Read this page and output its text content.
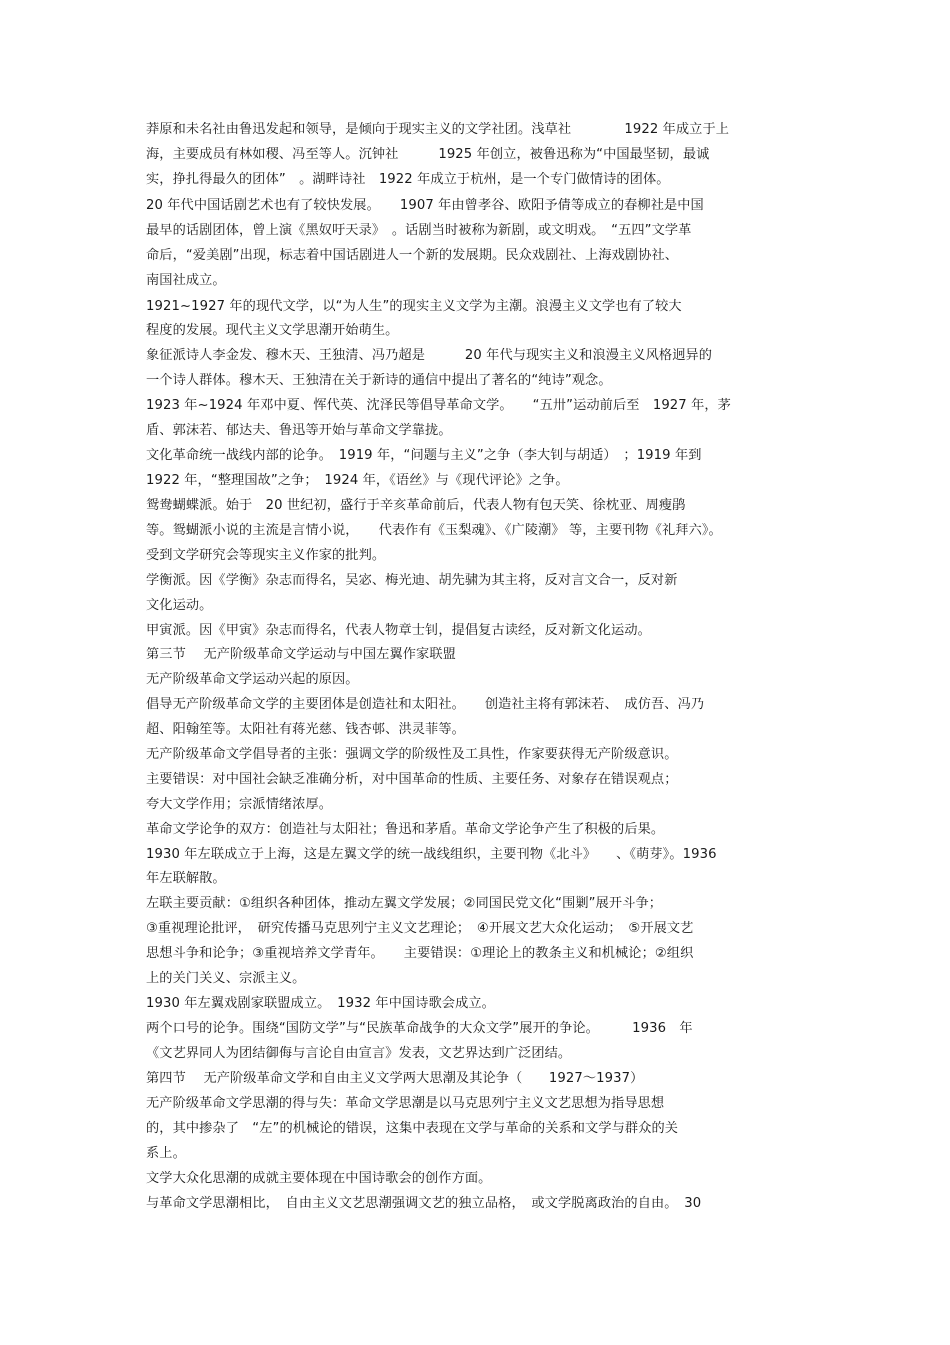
莽原和未名社由鲁迅发起和领导，是倾向于现实主义的文学社团。浅草社　　　　1922 年成立于上
海，主要成员有林如稷、冯至等人。沉钟社　　　1925 年创立，被鲁迅称为“中国最坚韧，最诚
实，挣扎得最久的团体”　。湖畔诗社　1922 年成立于杭州，是一个专门做情诗的团体。
20 年代中国话剧艺术也有了较快发展。　　1907 年由曾孝谷、欧阳予倩等成立的春柳社是中国
最早的话剧团体，曾上演《黑奴吁天录》　。话剧当时被称为新剧，或文明戏。　“五四”文学革
命后，“爱美剧”出现，标志着中国话剧进人一个新的发展期。民众戏剧社、上海戏剧协社、
南国社成立。
1921~1927 年的现代文学，以“为人生”的现实主义文学为主潮。浪漫主义文学也有了较大
程度的发展。现代主义文学思潮开始萌生。
象征派诗人李金发、穆木天、王独清、冯乃超是　　　20 年代与现实主义和浪漫主义风格迥异的
一个诗人群体。穆木天、王独清在关于新诗的通信中提出了著名的“纯诗”观念。
1923 年~1924 年邓中夏、恽代英、沈泽民等倡导革命文学。　　“五卅”运动前后至　1927 年，茅
盾、郭沫若、郁达夫、鲁迅等开始与革命文学靠拢。
文化革命统一战线内部的论争。　1919 年，“问题与主义”之争（李大钊与胡适）　；1919 年到
1922 年，“整理国故”之争；　1924 年，《语丝》与《现代评论》之争。
鸳鸯蝴蝶派。始于　20 世纪初，盛行于辛亥革命前后，代表人物有包天笑、徐枕亚、周瘦鹃
等。鸳蝴派小说的主流是言情小说，　　代表作有《玉梨魂》、《广陵潮》 等，主要刊物《礼拜六》。
受到文学研究会等现实主义作家的批判。
学衡派。因《学衡》杂志而得名，吴宓、梅光迪、胡先骕为其主将，反对言文合一，反对新
文化运动。
甲寅派。因《甲寅》杂志而得名，代表人物章士钊，提倡复古读经，反对新文化运动。
第三节　 无产阶级革命文学运动与中国左翼作家联盟
无产阶级革命文学运动兴起的原因。
倡导无产阶级革命文学的主要团体是创造社和太阳社。　　创造社主将有郭沫若、　成仿吾、冯乃
超、阳翰笙等。太阳社有蒋光慈、钱杏邨、洪灵菲等。
无产阶级革命文学倡导者的主张：强调文学的阶级性及工具性，作家要获得无产阶级意识。
主要错误：对中国社会缺乏准确分析，对中国革命的性质、主要任务、对象存在错误观点；
夸大文学作用；宗派情绪浓厚。
革命文学论争的双方：创造社与太阳社；鲁迅和茅盾。革命文学论争产生了积极的后果。
1930 年左联成立于上海，这是左翼文学的统一战线组织，主要刊物《北斗》　　、《萌芽》。1936
年左联解散。
左联主要贡献：①组织各种团体，推动左翼文学发展；②同国民党文化“围剿”展开斗争；
③重视理论批评，　研究传播马克思列宁主义文艺理论；　④开展文艺大众化运动；　⑤开展文艺
思想斗争和论争；③重视培养文学青年。　　主要错误：①理论上的教条主义和机械论；②组织
上的关门关义、宗派主义。
1930 年左翼戏剧家联盟成立。　1932 年中国诗歌会成立。
两个口号的论争。围绕“国防文学”与“民族革命战争的大众文学”展开的争论。　　　1936　年
《文艺界同人为团结御侮与言论自由宣言》发表，文艺界达到广泛团结。
第四节　 无产阶级革命文学和自由主义文学两大思潮及其论争（　　1927～1937）
无产阶级革命文学思潮的得与失：革命文学思潮是以马克思列宁主义文艺思想为指导思想
的，其中掺杂了　“左”的机械论的错误，这集中表现在文学与革命的关系和文学与群众的关
系上。
文学大众化思潮的成就主要体现在中国诗歌会的创作方面。
与革命文学思潮相比，　自由主义文艺思潮强调文艺的独立品格，　或文学脱离政治的自由。　30
